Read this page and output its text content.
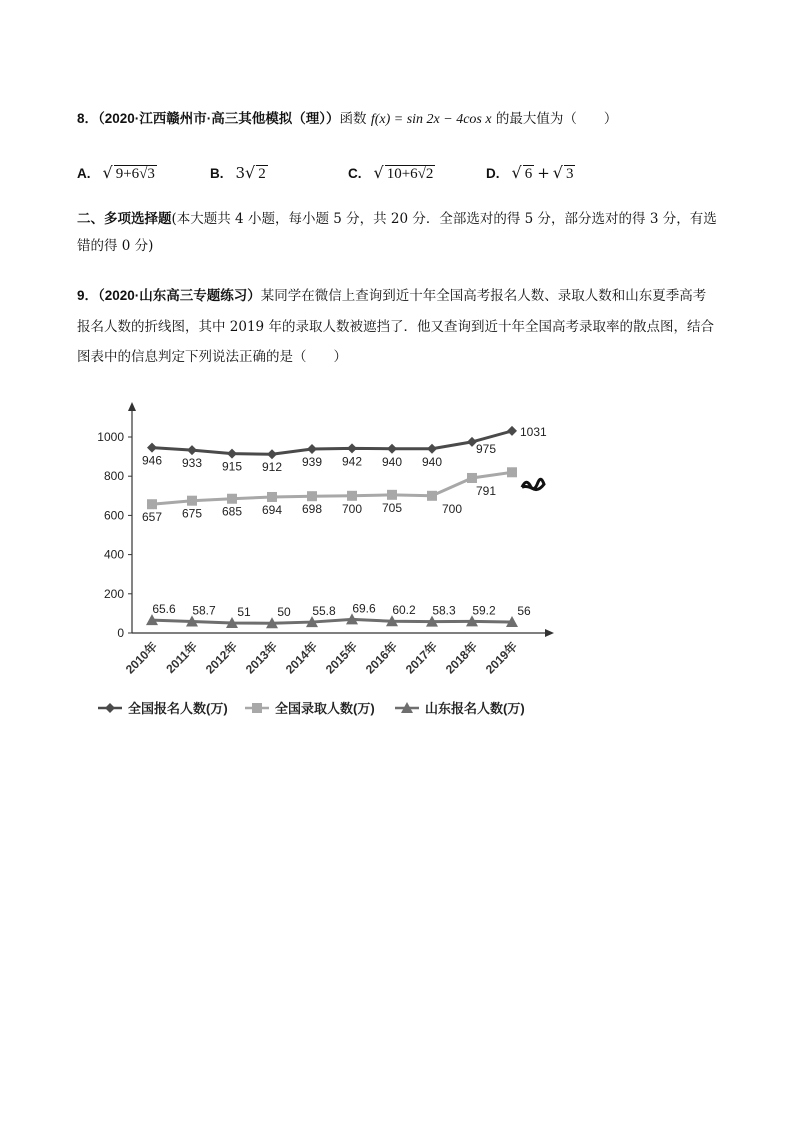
8．（2020·江西赣州市·高三其他模拟（理））函数 f(x) = sin 2x − 4cos x 的最大值为（　　）
A. √ 9+6√3	B. 3√ 2	C. √ 10+6√2	D. √ 6 + √ 3
二、多项选择题(本大题共 4 小题，每小题 5 分，共 20 分．全部选对的得 5 分，部分选对的得 3 分，有选
错的得 0 分)
9．（2020·山东高三专题练习）某同学在微信上查询到近十年全国高考报名人数、录取人数和山东夏季高考
报名人数的折线图，其中 2019 年的录取人数被遮挡了．他又查询到近十年全国高考录取率的散点图，结合
图表中的信息判定下列说法正确的是（　　）
0
200
400
600
800
1000
2010年 2011年 2012年 2013年 2014年 2015年 2016年 2017年 2018年 2019年
946 933 915 912 939 942 940 940
975
1031
657 675 685 694 698 700 705	700
791
65.6 58.7 51 50 55.8 69.6 60.2 58.3 59.2 56
全国报名人数(万)	全国录取人数(万)	山东报名人数(万)
